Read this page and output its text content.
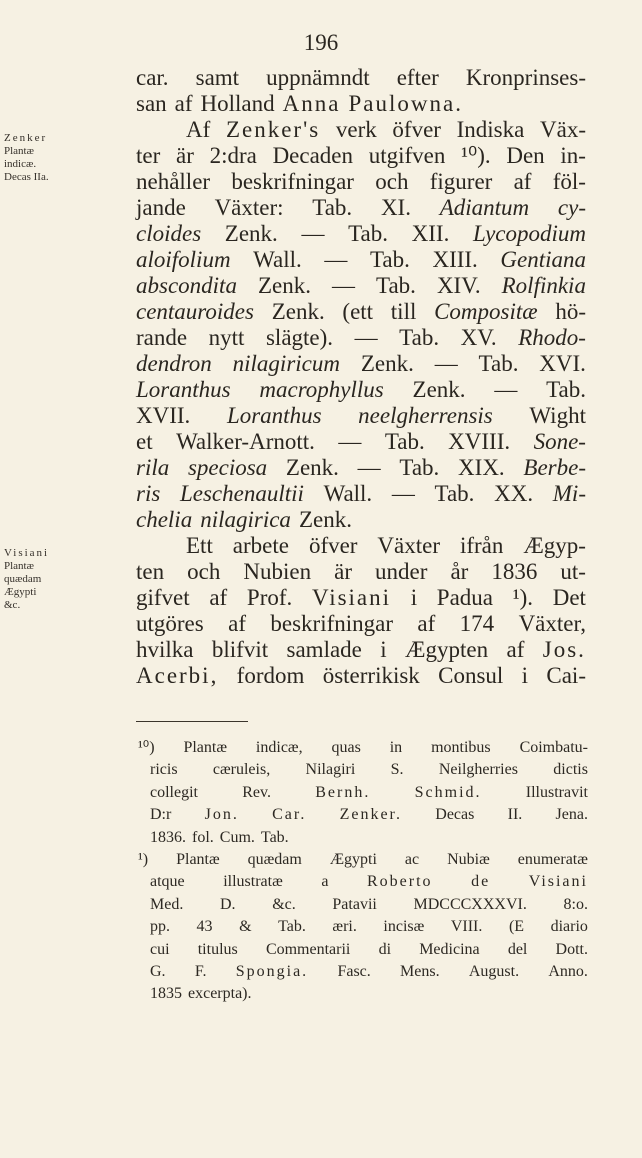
196
Zenker
Plantæ
indicæ.
Decas IIa.
Visiani
Plantæ
quædam
Ægypti
&c.
car. samt uppnämndt efter Kronprinses-
san af Holland Anna Paulowna.
Af Zenker's verk öfver Indiska Väx-
ter är 2:dra Decaden utgifven ¹⁰). Den in-
nehåller beskrifningar och figurer af föl-
jande Växter: Tab. XI. Adiantum cy-
cloides Zenk. — Tab. XII. Lycopodium
aloifolium Wall. — Tab. XIII. Gentiana
abscondita Zenk. — Tab. XIV. Rolfinkia
centauroides Zenk. (ett till Compositæ hö-
rande nytt slägte). — Tab. XV. Rhodo-
dendron nilagiricum Zenk. — Tab. XVI.
Loranthus macrophyllus Zenk. — Tab.
XVII. Loranthus neelgherrensis Wight
et Walker-Arnott. — Tab. XVIII. Sone-
rila speciosa Zenk. — Tab. XIX. Berbe-
ris Leschenaultii Wall. — Tab. XX. Mi-
chelia nilagirica Zenk.
Ett arbete öfver Växter ifrån Ægyp-
ten och Nubien är under år 1836 ut-
gifvet af Prof. Visiani i Padua ¹). Det
utgöres af beskrifningar af 174 Växter,
hvilka blifvit samlade i Ægypten af Jos.
Acerbi, fordom österrikisk Consul i Cai-
¹⁰) Plantæ indicæ, quas in montibus Coimbatu-
ricis cæruleis, Nilagiri S. Neilgherries dictis
collegit	Rev.	Bernh.	Schmid.	Illustravit
D:r Jon. Car. Zenker. Decas II. Jena.
1836. fol. Cum. Tab.
¹) Plantæ quædam Ægypti ac Nubiæ enumeratæ
atque illustratæ a Roberto de Visiani
Med. D. &c. Patavii MDCCCXXXVI. 8:o.
pp. 43 & Tab. æri. incisæ VIII. (E diario
cui titulus Commentarii di Medicina del Dott.
G. F. Spongia. Fasc. Mens. August. Anno.
1835 excerpta).
